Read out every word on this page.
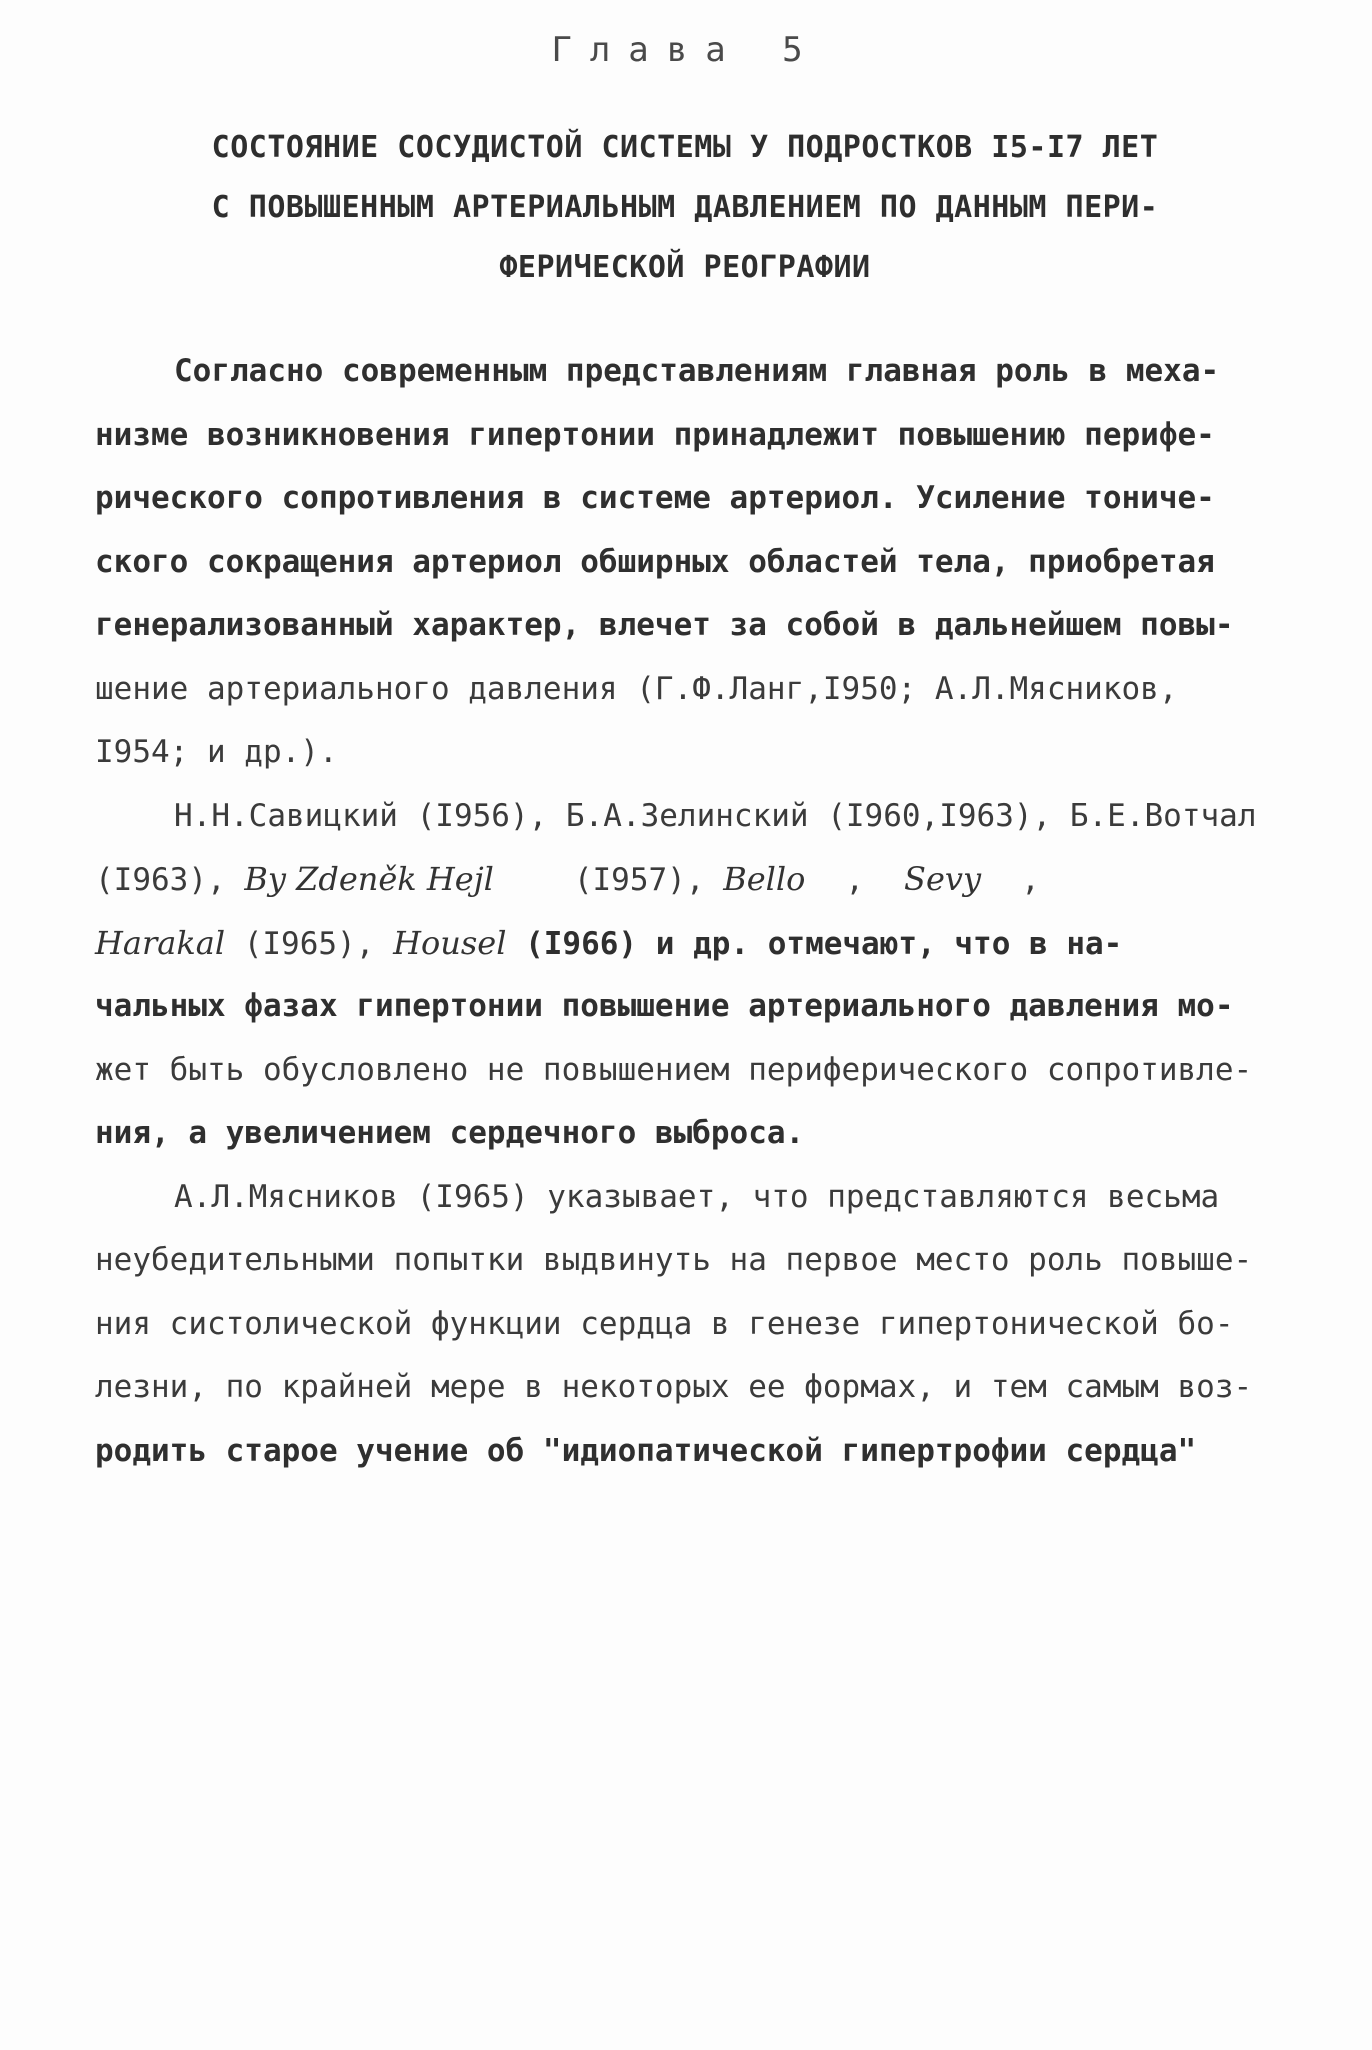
Глава 5
СОСТОЯНИЕ СОСУДИСТОЙ СИСТЕМЫ У ПОДРОСТКОВ I5-I7 ЛЕТ
С ПОВЫШЕННЫМ АРТЕРИАЛЬНЫМ ДАВЛЕНИЕМ ПО ДАННЫМ ПЕРИ-
ФЕРИЧЕСКОЙ РЕОГРАФИИ
Согласно современным представлениям главная роль в меха-
низме возникновения гипертонии принадлежит повышению перифе-
рического сопротивления в системе артериол. Усиление тониче-
ского сокращения артериол обширных областей тела, приобретая
генерализованный характер, влечет за собой в дальнейшем повы-
шение артериального давления (Г.Ф.Ланг,I950; А.Л.Мясников,
I954; и др.).
Н.Н.Савицкий (I956), Б.А.Зелинский (I960,I963), Б.Е.Вотчал
(I963), By Zdeněk Hejl	(I957), Bello , Sevy ,
Harakal (I965), Housel (I966) и др. отмечают, что в на-
чальных фазах гипертонии повышение артериального давления мо-
жет быть обусловлено не повышением периферического сопротивле-
ния, а увеличением сердечного выброса.
А.Л.Мясников (I965) указывает, что представляются весьма
неубедительными попытки выдвинуть на первое место роль повыше-
ния систолической функции сердца в генезе гипертонической бо-
лезни, по крайней мере в некоторых ее формах, и тем самым воз-
родить старое учение об "идиопатической гипертрофии сердца"
